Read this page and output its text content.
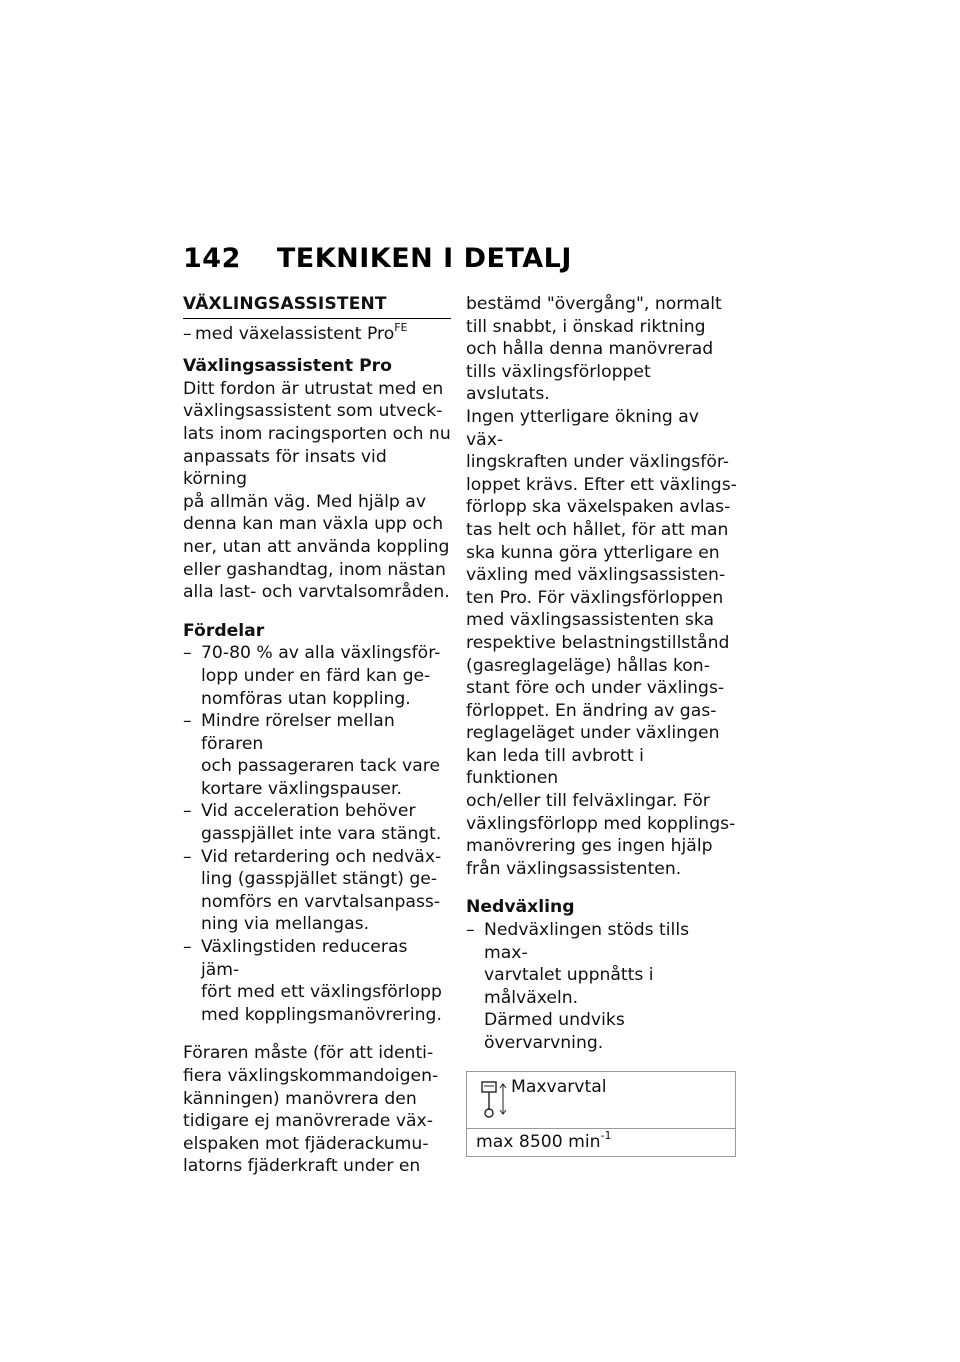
142 TEKNIKEN I DETALJ
VÄXLINGSASSISTENT
– med växelassistent Pro$^{FE}$

Växlingsassistent Pro

Ditt fordon är utrustat med en
växlingsassistent som utveck-
lats inom racingsporten och nu
anpassats för insats vid körning
på allmän väg. Med hjälp av
denna kan man växla upp och
ner, utan att använda koppling
eller gashandtag, inom nästan
alla last- och varvtalsområden.

Fördelar

– 70-80 % av alla växlingsför-
lopp under en färd kan ge-
nomföras utan koppling.
– Mindre rörelser mellan föraren
och passageraren tack vare
kortare växlingspauser.
– Vid acceleration behöver
gasspjället inte vara stängt.
– Vid retardering och nedväx-
ling (gasspjället stängt) ge-
nomförs en varvtalsanpass-
ning via mellangas.
– Växlingstiden reduceras jäm-
fört med ett växlingsförlopp
med kopplingsmanövrering.
Föraren måste (för att identi-
fiera växlingskommandoigen-
känningen) manövrera den
tidigare ej manövrerade väx-
elspaken mot fjäderackumu-
latorns fjäderkraft under en
bestämd "övergång", normalt
till snabbt, i önskad riktning
och hålla denna manövrerad
tills växlingsförloppet avslutats.
Ingen ytterligare ökning av väx-
lingskraften under växlingsför-
loppet krävs. Efter ett växlings-
förlopp ska växelspaken avlas-
tas helt och hållet, för att man
ska kunna göra ytterligare en
växling med växlingsassisten-
ten Pro. För växlingsförloppen
med växlingsassistenten ska
respektive belastningstillstånd
(gasreglageläge) hållas kon-
stant före och under växlings-
förloppet. En ändring av gas-
reglageläget under växlingen
kan leda till avbrott i funktionen
och/eller till felväxlingar. För
växlingsförlopp med kopplings-
manövrering ges ingen hjälp
från växlingsassistenten.

Nedväxling

– Nedväxlingen stöds tills max-
varvtalet uppnåtts i målväxeln.
Därmed undviks övervarvning.
Maxvarvtal
max 8500 $\min^{-1}$
